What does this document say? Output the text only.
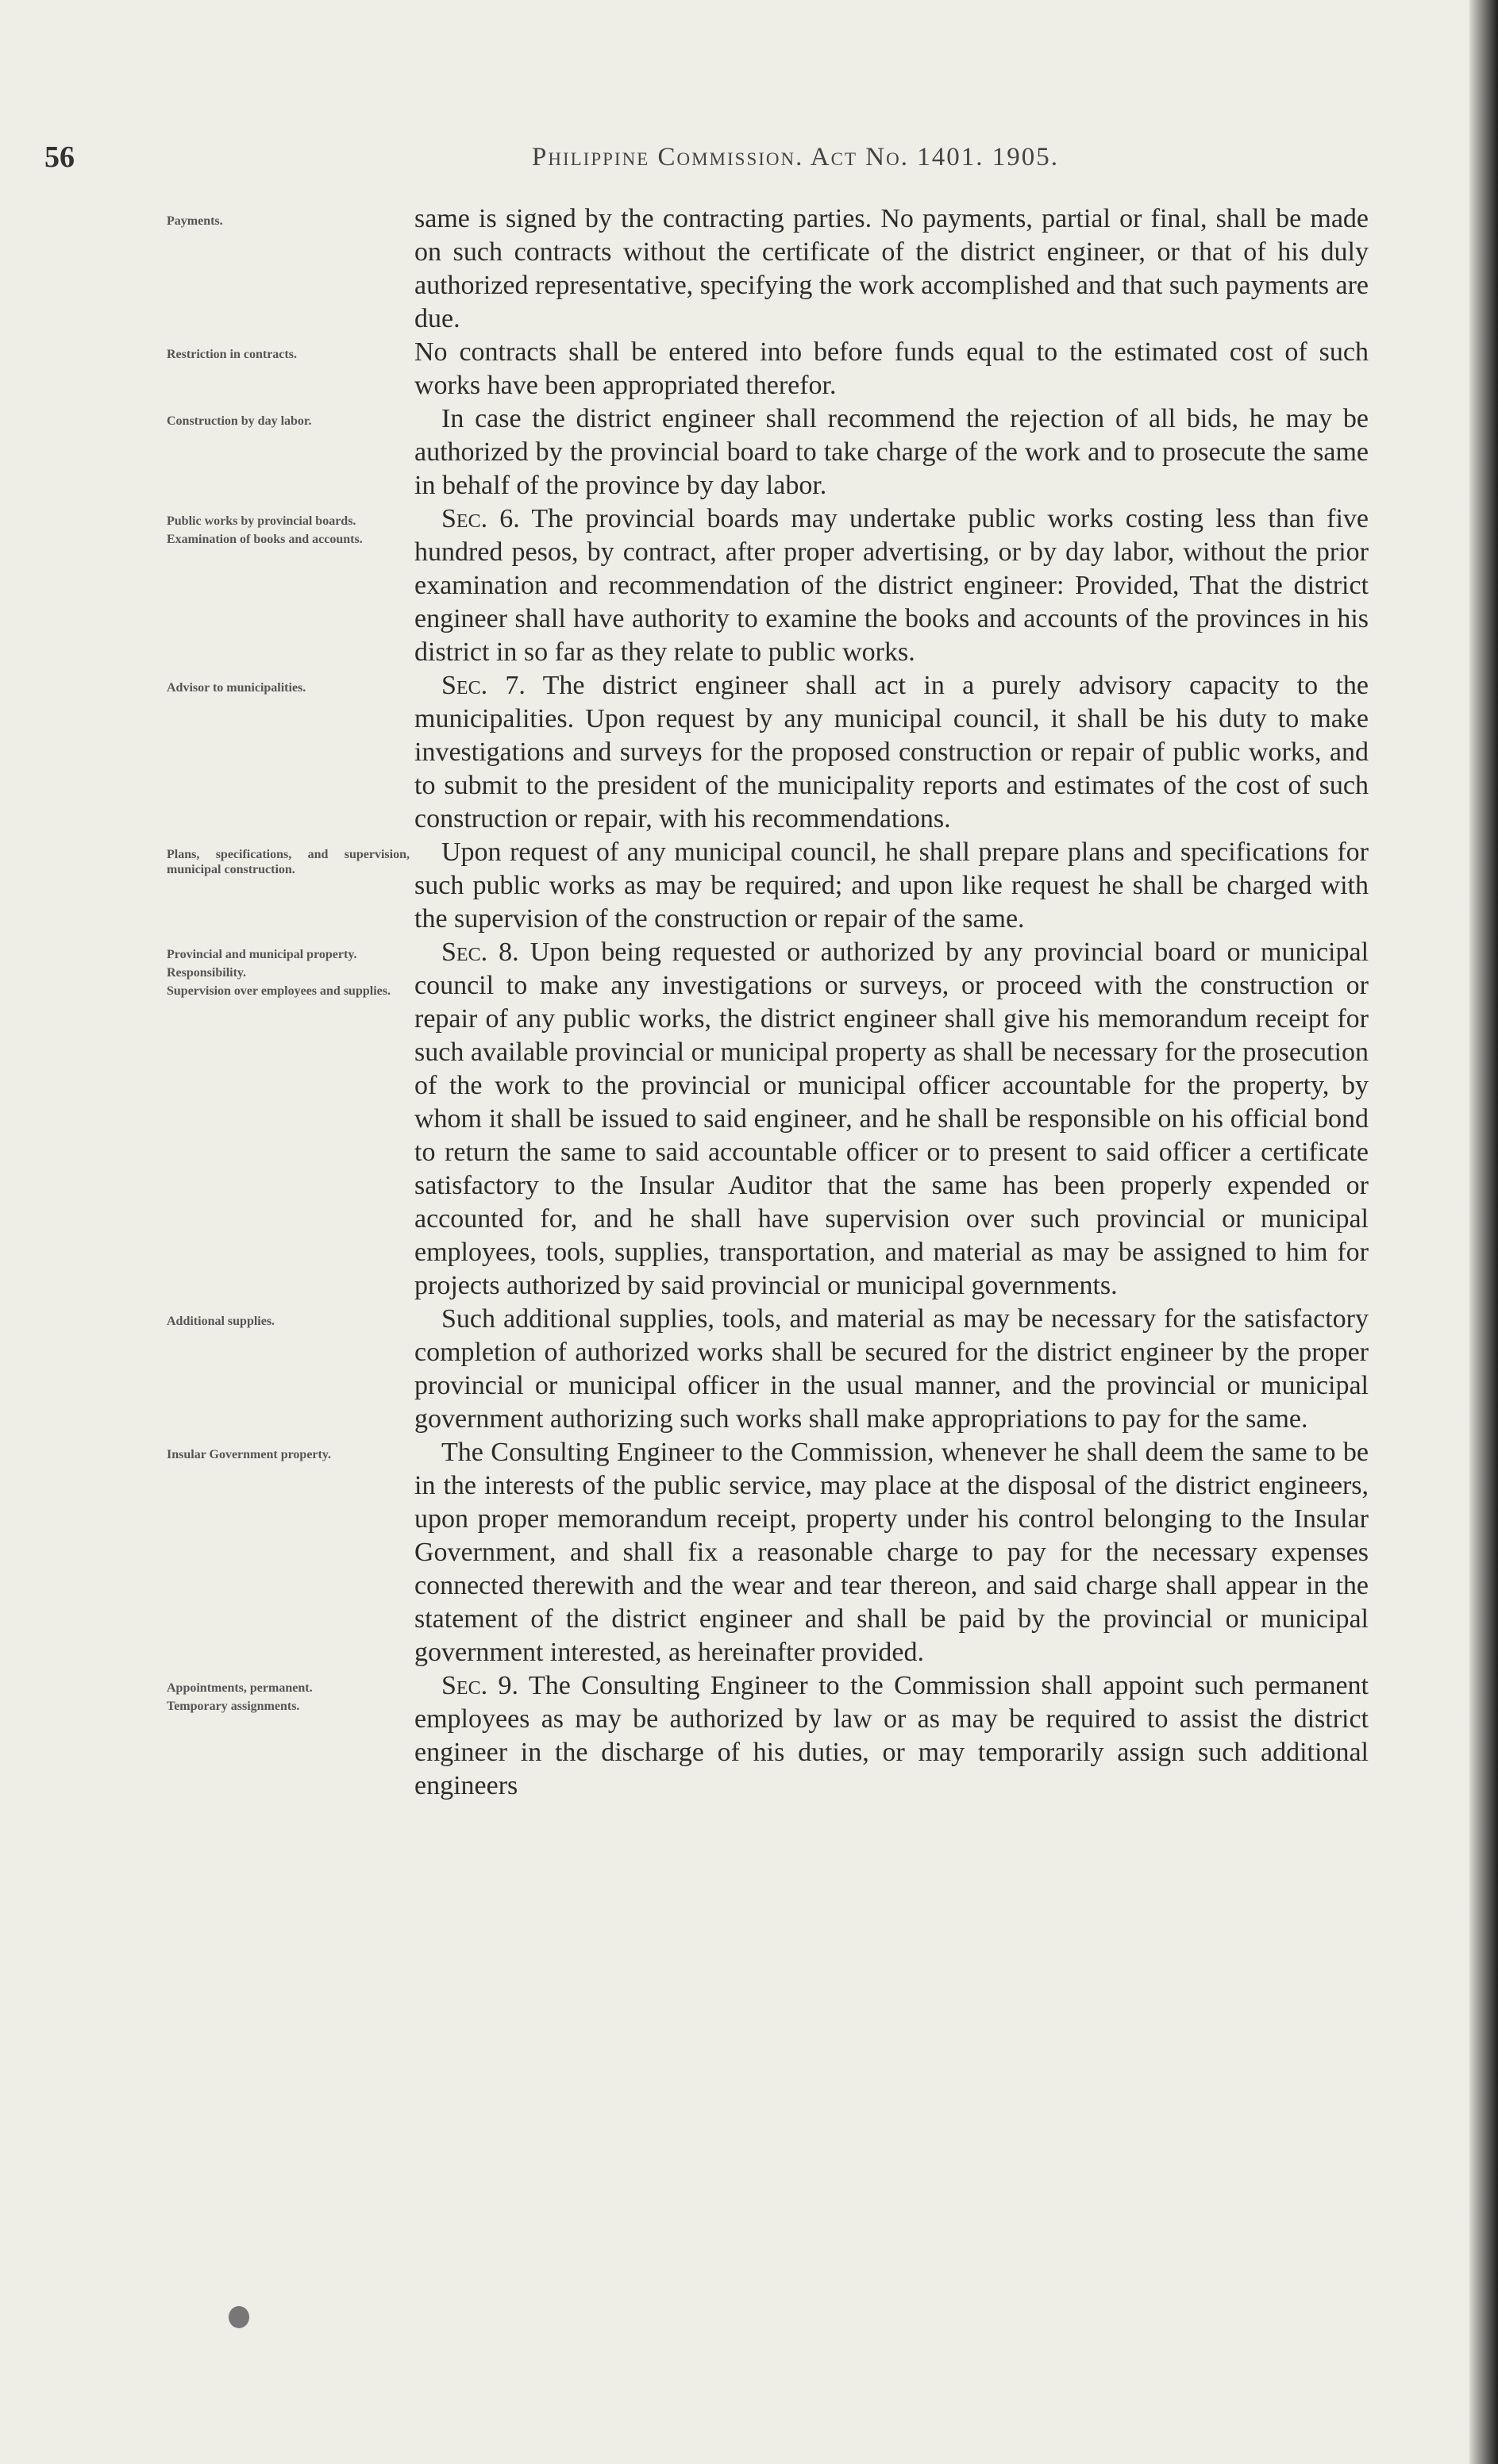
56	Philippine Commission. Act No. 1401. 1905.
Payments.	same is signed by the contracting parties. No payments, partial or final, shall be made on such contracts without the certificate of the district engineer, or that of his duly authorized representative, specifying the work accomplished and that such payments are due.
Restriction in contracts.	No contracts shall be entered into before funds equal to the estimated cost of such works have been appropriated therefor.
Construction by day labor.	In case the district engineer shall recommend the rejection of all bids, he may be authorized by the provincial board to take charge of the work and to prosecute the same in behalf of the province by day labor.
Public works by provincial boards.
Examination of books and accounts.
Sec. 6. The provincial boards may undertake public works costing less than five hundred pesos, by contract, after proper advertising, or by day labor, without the prior examination and recommendation of the district engineer: Provided, That the district engineer shall have authority to examine the books and accounts of the provinces in his district in so far as they relate to public works.
Advisor to municipalities.	Sec. 7. The district engineer shall act in a purely advisory capacity to the municipalities. Upon request by any municipal council, it shall be his duty to make investigations and surveys for the proposed construction or repair of public works, and to submit to the president of the municipality reports and estimates of the cost of such construction or repair, with his recommendations.
Plans, specifications, and supervision, municipal construction.
Upon request of any municipal council, he shall prepare plans and specifications for such public works as may be required; and upon like request he shall be charged with the supervision of the construction or repair of the same.
Provincial and municipal property.
Responsibility.
Supervision over employees and supplies.
Sec. 8. Upon being requested or authorized by any provincial board or municipal council to make any investigations or surveys, or proceed with the construction or repair of any public works, the district engineer shall give his memorandum receipt for such available provincial or municipal property as shall be necessary for the prosecution of the work to the provincial or municipal officer accountable for the property, by whom it shall be issued to said engineer, and he shall be responsible on his official bond to return the same to said accountable officer or to present to said officer a certificate satisfactory to the Insular Auditor that the same has been properly expended or accounted for, and he shall have supervision over such provincial or municipal employees, tools, supplies, transportation, and material as may be assigned to him for projects authorized by said provincial or municipal governments.
Additional supplies.	Such additional supplies, tools, and material as may be necessary for the satisfactory completion of authorized works shall be secured for the district engineer by the proper provincial or municipal officer in the usual manner, and the provincial or municipal government authorizing such works shall make appropriations to pay for the same.
Insular Government property.	The Consulting Engineer to the Commission, whenever he shall deem the same to be in the interests of the public service, may place at the disposal of the district engineers, upon proper memorandum receipt, property under his control belonging to the Insular Government, and shall fix a reasonable charge to pay for the necessary expenses connected therewith and the wear and tear thereon, and said charge shall appear in the statement of the district engineer and shall be paid by the provincial or municipal government interested, as hereinafter provided.
Appointments, permanent.
Temporary assignments.
Sec. 9. The Consulting Engineer to the Commission shall appoint such permanent employees as may be authorized by law or as may be required to assist the district engineer in the discharge of his duties, or may temporarily assign such additional engineers
